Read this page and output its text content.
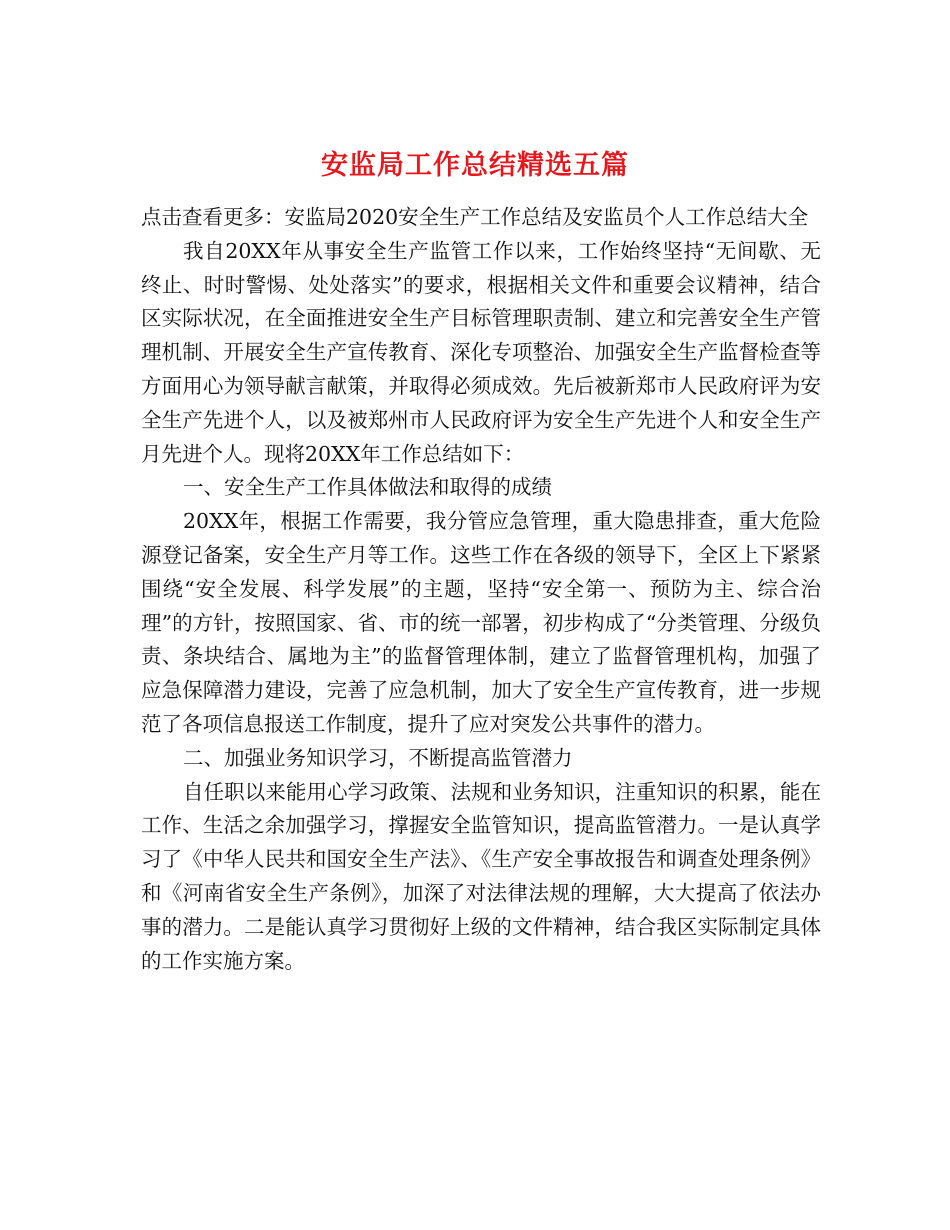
安监局工作总结精选五篇

点击查看更多：安监局2020安全生产工作总结及安监员个人工作总结大全

我自20XX年从事安全生产监管工作以来，工作始终坚持“无间歇、无终止、时时警惕、处处落实”的要求，根据相关文件和重要会议精神，结合区实际状况，在全面推进安全生产目标管理职责制、建立和完善安全生产管理机制、开展安全生产宣传教育、深化专项整治、加强安全生产监督检查等方面用心为领导献言献策，并取得必须成效。先后被新郑市人民政府评为安全生产先进个人，以及被郑州市人民政府评为安全生产先进个人和安全生产月先进个人。现将20XX年工作总结如下：

一、安全生产工作具体做法和取得的成绩

20XX年，根据工作需要，我分管应急管理，重大隐患排查，重大危险源登记备案，安全生产月等工作。这些工作在各级的领导下，全区上下紧紧围绕“安全发展、科学发展”的主题，坚持“安全第一、预防为主、综合治理”的方针，按照国家、省、市的统一部署，初步构成了“分类管理、分级负责、条块结合、属地为主”的监督管理体制，建立了监督管理机构，加强了应急保障潜力建设，完善了应急机制，加大了安全生产宣传教育，进一步规范了各项信息报送工作制度，提升了应对突发公共事件的潜力。

二、加强业务知识学习，不断提高监管潜力

自任职以来能用心学习政策、法规和业务知识，注重知识的积累，能在工作、生活之余加强学习，撑握安全监管知识，提高监管潜力。一是认真学习了《中华人民共和国安全生产法》、《生产安全事故报告和调查处理条例》和《河南省安全生产条例》，加深了对法律法规的理解，大大提高了依法办事的潜力。二是能认真学习贯彻好上级的文件精神，结合我区实际制定具体的工作实施方案。
